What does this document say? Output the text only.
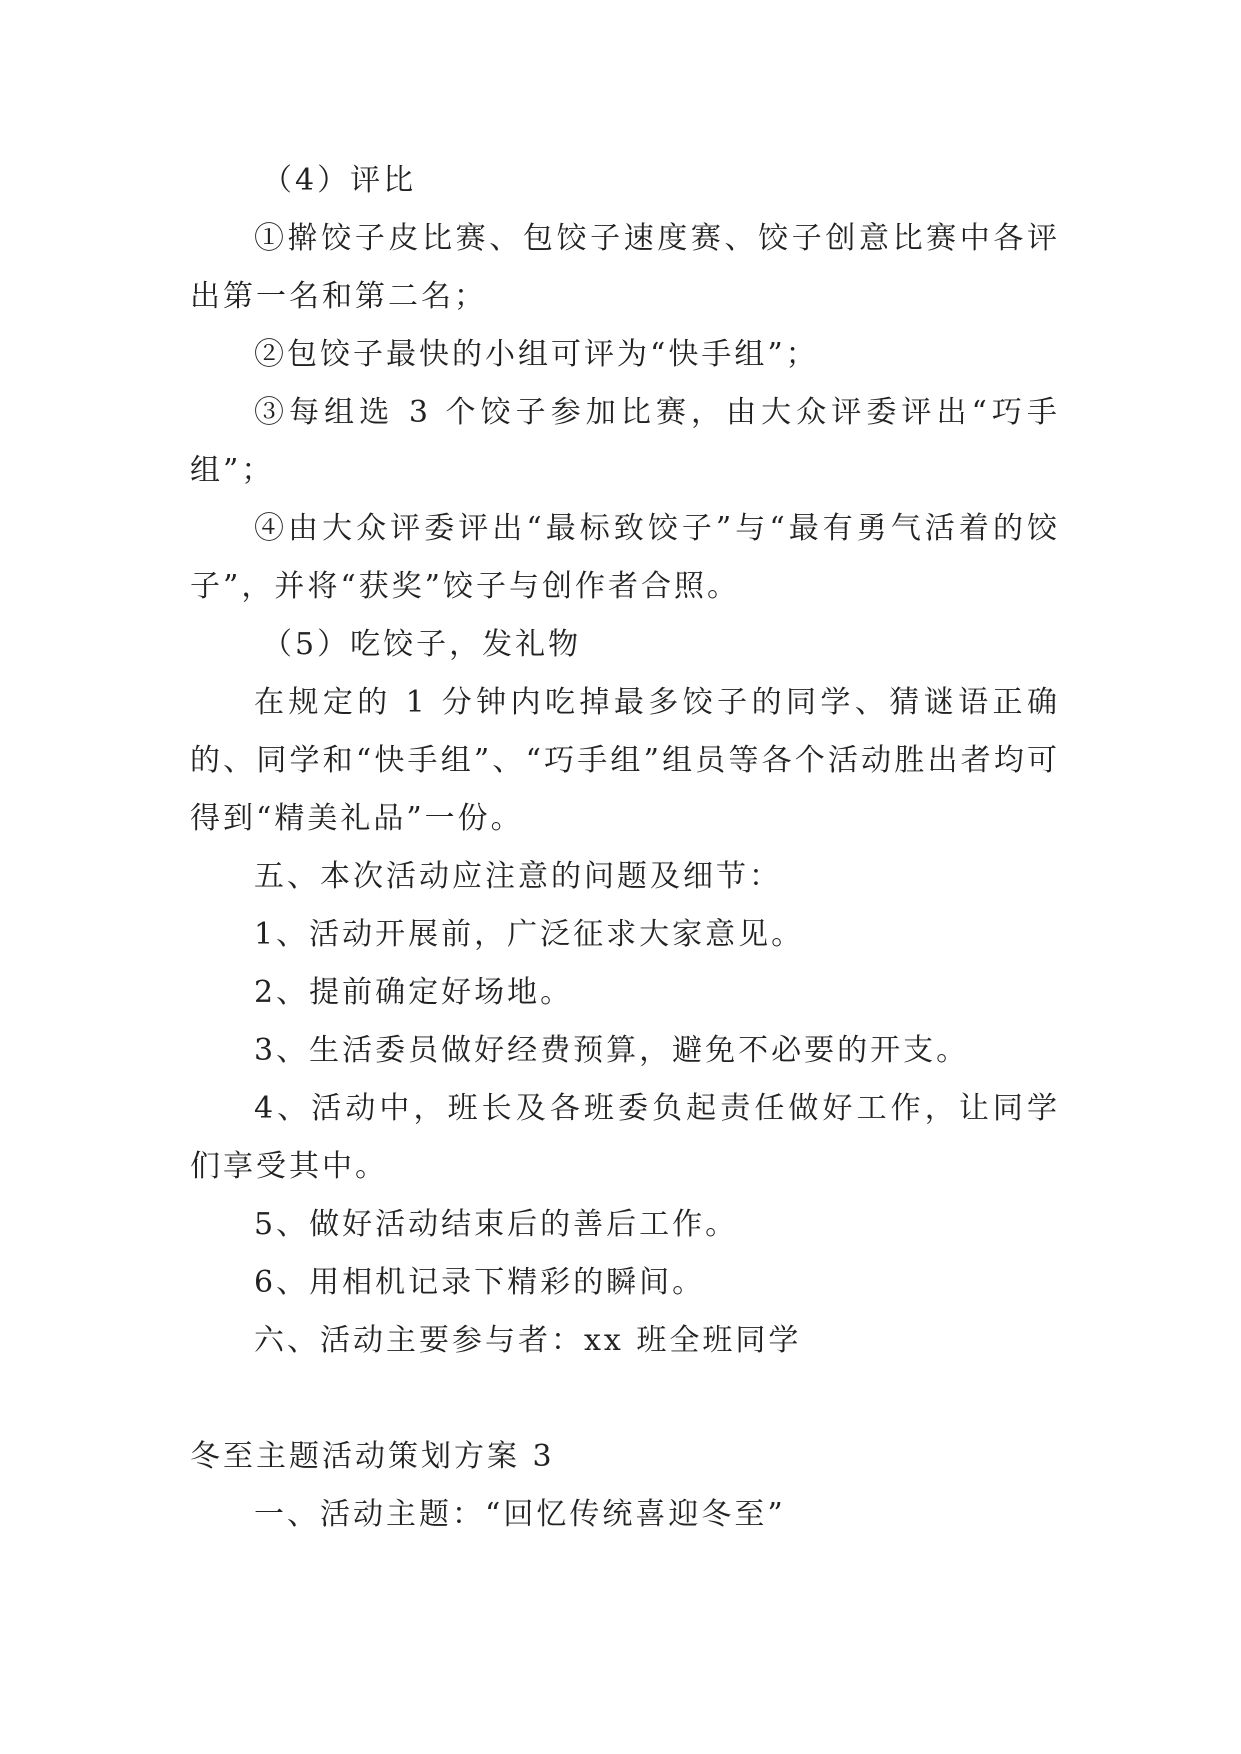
（4）评比

①擀饺子皮比赛、包饺子速度赛、饺子创意比赛中各评出第一名和第二名；

②包饺子最快的小组可评为“快手组”；

③每组选 3 个饺子参加比赛，由大众评委评出“巧手组”；

④由大众评委评出“最标致饺子”与“最有勇气活着的饺子”，并将“获奖”饺子与创作者合照。

（5）吃饺子，发礼物

在规定的 1 分钟内吃掉最多饺子的同学、猜谜语正确的、同学和“快手组”、“巧手组”组员等各个活动胜出者均可得到“精美礼品”一份。

五、本次活动应注意的问题及细节：

1、活动开展前，广泛征求大家意见。

2、提前确定好场地。

3、生活委员做好经费预算，避免不必要的开支。

4、活动中，班长及各班委负起责任做好工作，让同学们享受其中。

5、做好活动结束后的善后工作。

6、用相机记录下精彩的瞬间。

六、活动主要参与者：xx 班全班同学

冬至主题活动策划方案 3

一、活动主题：“回忆传统喜迎冬至”
